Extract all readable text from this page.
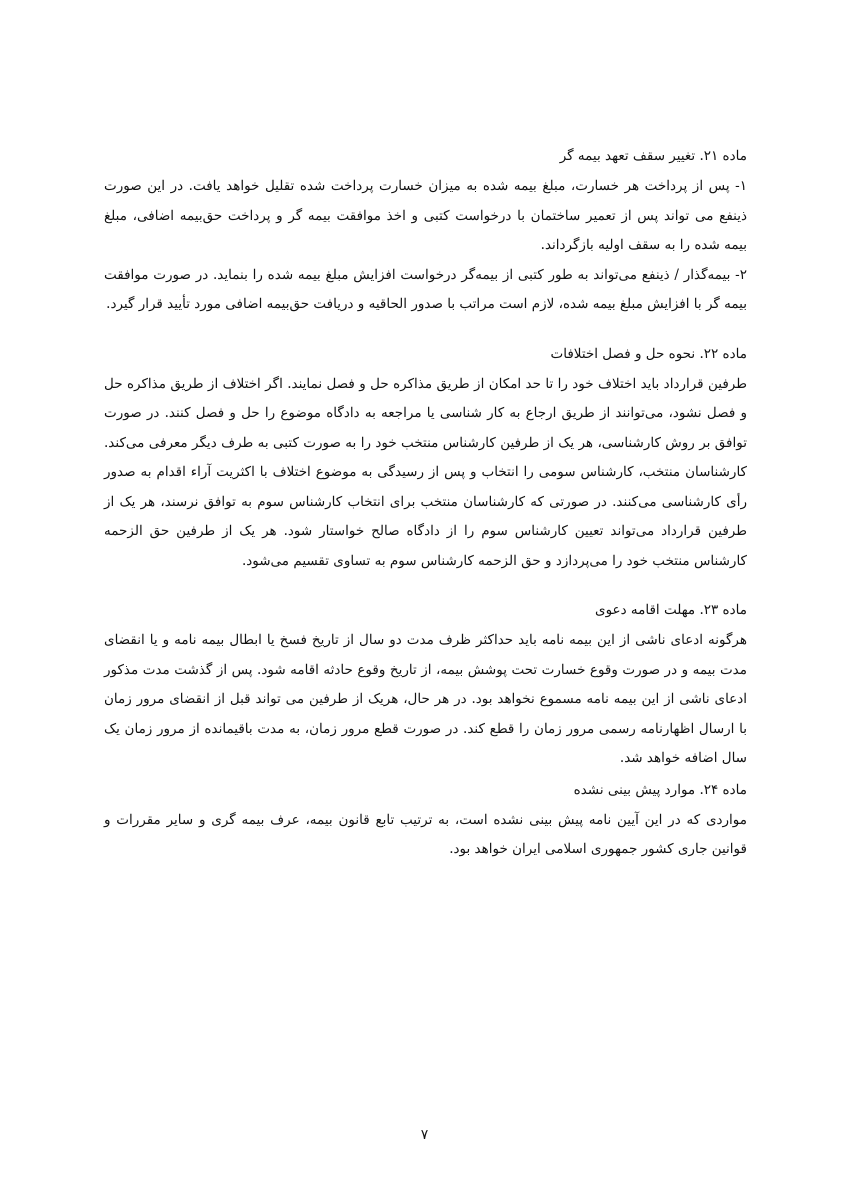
ماده ۲۱. تغییر سقف تعهد بیمه گر

۱- پس از پرداخت هر خسارت، مبلغ بیمه شده به میزان خسارت پرداخت شده تقلیل خواهد یافت. در این صورت ذینفع می تواند پس از تعمیر ساختمان با درخواست کتبی و اخذ موافقت بیمه گر و پرداخت حق‌بیمه اضافی، مبلغ بیمه شده را به سقف اولیه بازگرداند.

۲- بیمه‌گذار / ذینفع می‌تواند به طور کتبی از بیمه‌گر درخواست افزایش مبلغ بیمه شده را بنماید. در صورت موافقت بیمه گر با افزایش مبلغ بیمه شده، لازم است مراتب با صدور الحاقیه و دریافت حق‌بیمه اضافی مورد تأیید قرار گیرد.

ماده ۲۲. نحوه حل و فصل اختلافات

طرفین قرارداد باید اختلاف خود را تا حد امکان از طریق مذاکره حل و فصل نمایند. اگر اختلاف از طریق مذاکره حل و فصل نشود، می‌توانند از طریق ارجاع به کار شناسی یا مراجعه به دادگاه موضوع را حل و فصل کنند. در صورت توافق بر روش کارشناسی، هر یک از طرفین کارشناس منتخب خود را به صورت کتبی به طرف دیگر معرفی می‌کند. کارشناسان منتخب، کارشناس سومی را انتخاب و پس از رسیدگی به موضوع اختلاف با اکثریت آراء اقدام به صدور رأی کارشناسی می‌کنند. در صورتی که کارشناسان منتخب برای انتخاب کارشناس سوم به توافق نرسند، هر یک از طرفین قرارداد می‌تواند تعیین کارشناس سوم را از دادگاه صالح خواستار شود. هر یک از طرفین حق الزحمه کارشناس منتخب خود را می‌پردازد و حق الزحمه کارشناس سوم به تساوی تقسیم می‌شود.

ماده ۲۳. مهلت اقامه دعوی

هرگونه ادعای ناشی از این بیمه نامه باید حداکثر ظرف مدت دو سال از تاریخ فسخ یا ابطال بیمه نامه و یا انقضای مدت بیمه و در صورت وقوع خسارت تحت پوشش بیمه، از تاریخ وقوع حادثه اقامه شود. پس از گذشت مدت مذکور ادعای ناشی از این بیمه نامه مسموع نخواهد بود. در هر حال، هریک از طرفین می تواند قبل از انقضای مرور زمان با ارسال اظهارنامه رسمی مرور زمان را قطع کند. در صورت قطع مرور زمان، به مدت باقیمانده از مرور زمان یک سال اضافه خواهد شد.

ماده ۲۴. موارد پیش بینی نشده

مواردی که در این آیین نامه پیش بینی نشده است، به ترتیب تابع قانون بیمه، عرف بیمه گری و سایر مقررات و قوانین جاری کشور جمهوری اسلامی ایران خواهد بود.

۷
